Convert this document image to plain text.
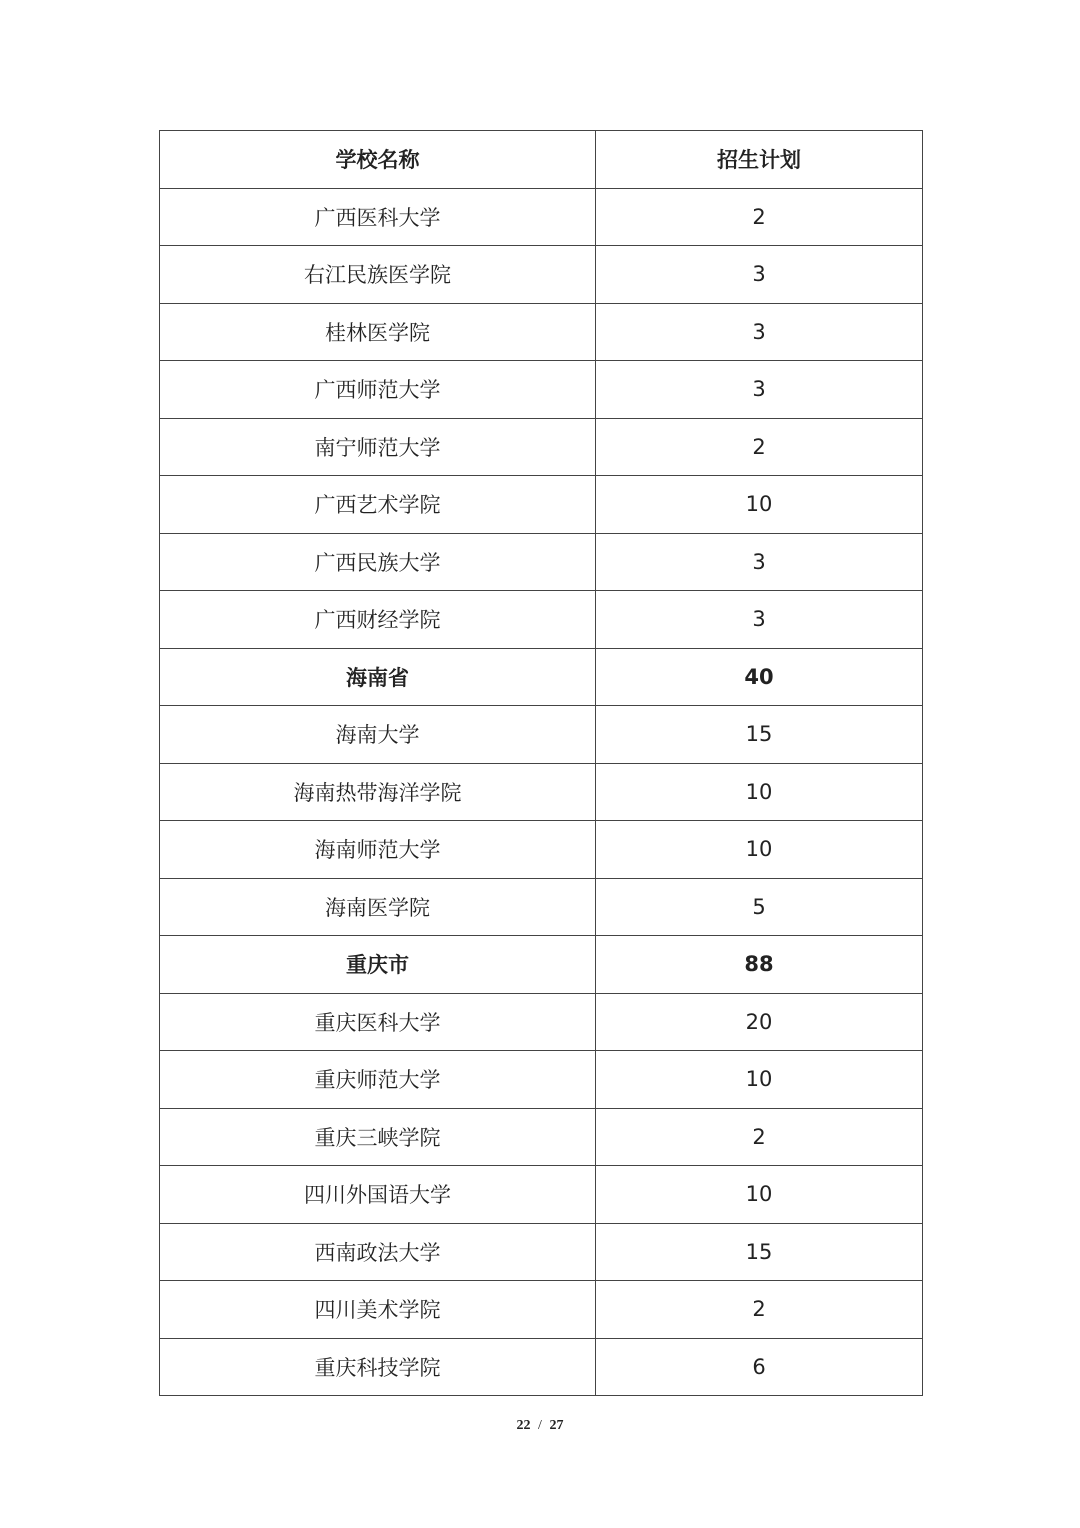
学校名称	招生计划
广西医科大学	2
右江民族医学院	3
桂林医学院	3
广西师范大学	3
南宁师范大学	2
广西艺术学院	10
广西民族大学	3
广西财经学院	3
海南省	40
海南大学	15
海南热带海洋学院	10
海南师范大学	10
海南医学院	5
重庆市	88
重庆医科大学	20
重庆师范大学	10
重庆三峡学院	2
四川外国语大学	10
西南政法大学	15
四川美术学院	2
重庆科技学院	6
22 / 27
